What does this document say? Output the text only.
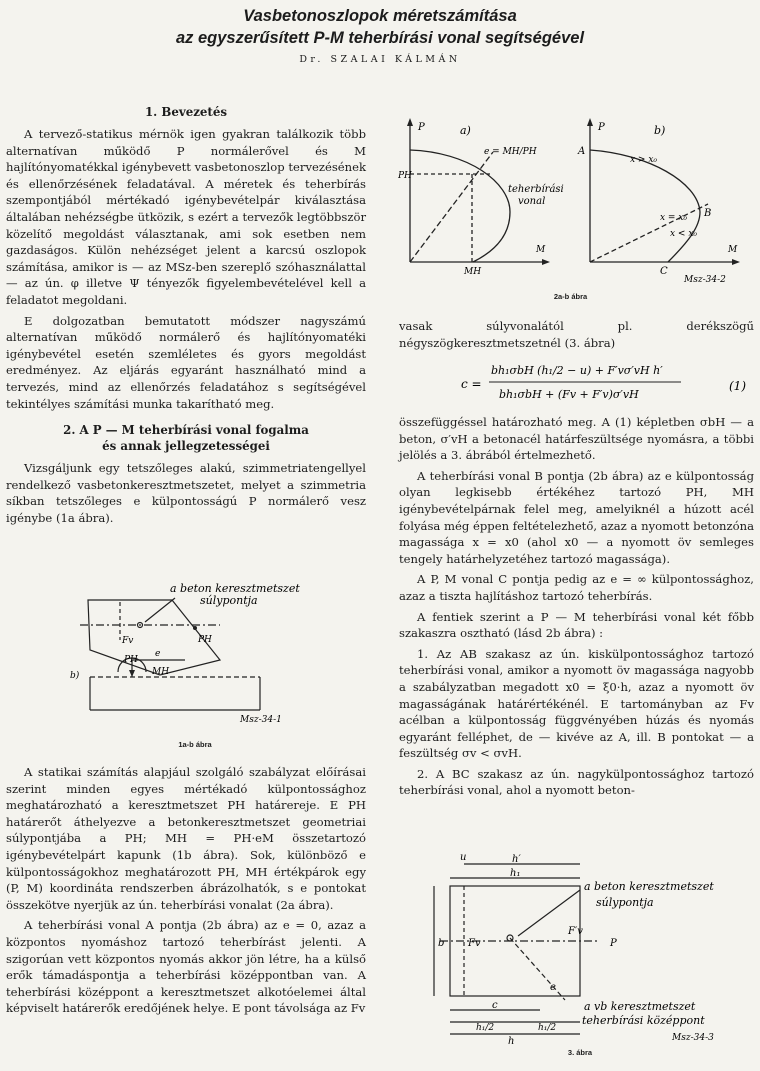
Vasbetonoszlopok méretszámítása
az egyszerűsített P-M teherbírási vonal segítségével
Dr. SZALAI KÁLMÁN
1. Bevezetés

A tervező-statikus mérnök igen gyakran találkozik több alternatívan működő P normálerővel és M hajlítónyomatékkal igénybevett vasbetonoszlop tervezésének és ellenőrzésének feladatával. A méretek és teherbírás szempontjából mértékadó igénybevételpár kiválasztása általában nehézségbe ütközik, s ezért a tervezők legtöbbször közelítő megoldást választanak, ami sok esetben nem gazdaságos. Külön nehézséget jelent a karcsú oszlopok számítása, amikor is — az MSz-ben szereplő szóhasználattal — az ún. φ illetve Ψ tényezők figyelembevételével kell a feladatot megoldani.

E dolgozatban bemutatott módszer nagyszámú alternatívan működő normálerő és hajlítónyomatéki igénybevétel esetén szemléletes és gyors megoldást eredményez. Az eljárás egyaránt használható mind a tervezés, mind az ellenőrzés feladatához s segítségével tekintélyes számítási munka takarítható meg.

2. A P — M teherbírási vonal fogalma
és annak jellegzetességei

Vizsgáljunk egy tetszőleges alakú, szimmetriatengellyel rendelkező vasbetonkeresztmetszetet, melyet a szimmetria síkban tetszőleges e külpontosságú P normálerő vesz igénybe (1a ábra).

a beton keresztmetszet
súlypontja
Fv	PH
PH
e
MH
b)
Msz-34-1
1a-b ábra

A statikai számítás alapjául szolgáló szabályzat előírásai szerint minden egyes mértékadó külpontossághoz meghatározható a keresztmetszet PH határereje. E PH határerőt áthelyezve a betonkeresztmetszet geometriai súlypontjába a PH; MH = PH·eM összetartozó igénybevételpárt kapunk (1b ábra). Sok, különböző e külpontosságokhoz meghatározott PH, MH értékpárok egy (P, M) koordináta rendszerben ábrázolhatók, s e pontokat összekötve nyerjük az ún. teherbírási vonalat (2a ábra).

A teherbírási vonal A pontja (2b ábra) az e = 0, azaz a központos nyomáshoz tartozó teherbírást jelenti. A szigorúan vett központos nyomás akkor jön létre, ha a külső erők támadáspontja a teherbírási középpontban van. A teherbírási középpont a keresztmetszet alkotóelemei által képviselt határerők eredőjének helye. E pont távolsága az Fv

P	a)
PH
e = MH/PH
teherbírási
vonal
MH
M
P	b)
A
x > x₀
x = x₀ B
x < x₀
C
M
Msz-34-2
2a-b ábra

vasak súlyvonalától pl. derékszögű négyszögkeresztmetszetnél (3. ábra)

c =
bh₁σbH (h₁/2 − u) + F′vσ′vH h′
bh₁σbH + (Fv + F′v)σ′vH
(1)

összefüggéssel határozható meg. A (1) képletben σbH — a beton, σ′vH a betonacél határfeszültsége nyomásra, a többi jelölés a 3. ábrából értelmezhető.

A teherbírási vonal B pontja (2b ábra) az e külpontosság olyan legkisebb értékéhez tartozó PH, MH igénybevételpárnak felel meg, amelyiknél a húzott acél folyása még éppen feltételezhető, azaz a nyomott betonzóna magassága x = x0 (ahol x0 — a nyomott öv semleges tengely határhelyzetéhez tartozó magassága).

A P, M vonal C pontja pedig az e = ∞ külpontossághoz, azaz a tiszta hajlításhoz tartozó teherbírás.

A fentiek szerint a P — M teherbírási vonal két főbb szakaszra osztható (lásd 2b ábra) :

1. Az AB szakasz az ún. kiskülpontossághoz tartozó teherbírási vonal, amikor a nyomott öv magassága nagyobb a szabályzatban megadott x0 = ξ0·h, azaz a nyomott öv magasságának határértékénél. E tartományban az Fv acélban a külpontosság függvényében húzás és nyomás egyaránt felléphet, de — kivéve az A, ill. B pontokat — a feszültség σv < σvH.

2. A BC szakasz az ún. nagykülpontossághoz tartozó teherbírási vonal, ahol a nyomott beton-

u	h′
h₁
b Fv
F′v
P
c
e
h₁/2	h₁/2
h
a beton keresztmetszet
súlypontja
a vb keresztmetszet
teherbírási középpont
Msz-34-3
3. ábra
